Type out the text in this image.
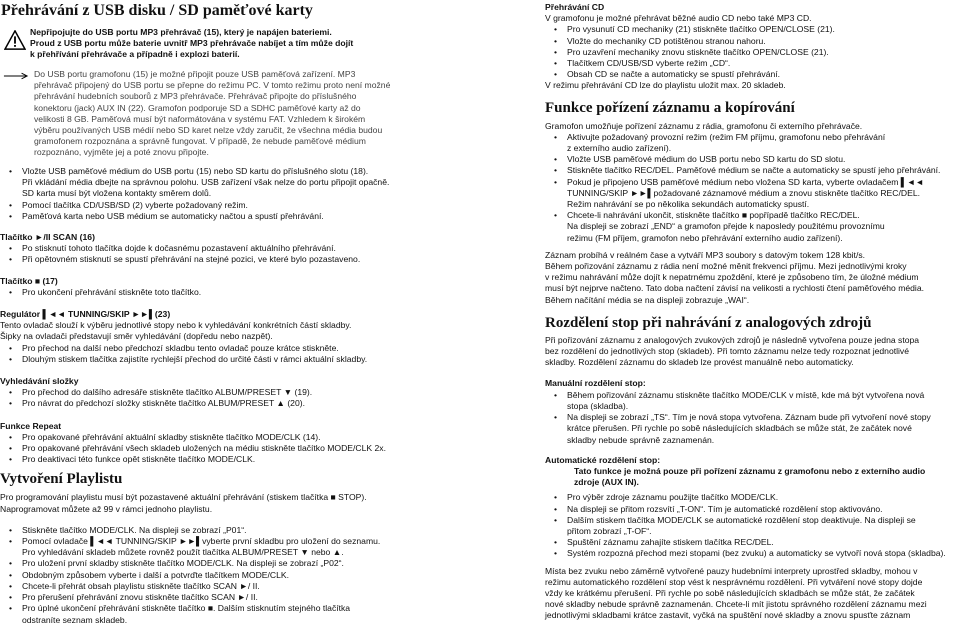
Přehrávání z USB disku / SD paměťové karty
Nepřipojujte do USB portu MP3 přehrávač (15), který je napájen bateriemi.
Proud z USB portu může baterie uvnitř MP3 přehrávače nabíjet a tím může dojít
k přehřívání přehrávače a případně i explozi baterií.
Do USB portu gramofonu (15) je možné připojit pouze USB paměťová zařízení. MP3
přehrávač připojený do USB portu se přepne do režimu PC. V tomto režimu proto není možné
přehrávání hudebních souborů z MP3 přehrávače. Přehrávač připojte do příslušného
konektoru (jack) AUX IN (22). Gramofon podporuje SD a SDHC paměťové karty až do
velikosti 8 GB. Paměťová musí být naformátována v systému FAT. Vzhledem k širokém
výběru používaných USB médií nebo SD karet nelze vždy zaručit, že všechna média budou
gramofonem rozpoznána a správně fungovat. V případě, že nebude paměťové médium
rozpoznáno, vyjměte jej a poté znovu připojte.
• Vložte USB paměťové médium do USB portu (15) nebo SD kartu do příslušného slotu (18).
Při vkládání média dbejte na správnou polohu. USB zařízení však nelze do portu připojit opačně.
SD karta musí být vložena kontakty směrem dolů.
• Pomocí tlačítka CD/USB/SD (2) vyberte požadovaný režim.
• Paměťová karta nebo USB médium se automaticky načtou a spustí přehrávání.
Tlačítko ►/II SCAN (16)
• Po stisknutí tohoto tlačítka dojde k dočasnému pozastavení aktuálního přehrávání.
• Při opětovném stisknutí se spustí přehrávání na stejné pozici, ve které bylo pozastaveno.
Tlačítko ■ (17)
• Pro ukončení přehrávání stiskněte toto tlačítko.
Regulátor ▌◄◄ TUNNING/SKIP ►►▌(23)
Tento ovladač slouží k výběru jednotlivé stopy nebo k vyhledávání konkrétních částí skladby.
Šipky na ovladači představují směr vyhledávání (dopředu nebo nazpět).
• Pro přechod na další nebo předchozí skladbu tento ovladač pouze krátce stiskněte.
• Dlouhým stiskem tlačítka zajistíte rychlejší přechod do určité části v rámci aktuální skladby.
Vyhledávání složky
• Pro přechod do dalšího adresáře stiskněte tlačítko ALBUM/PRESET ▼ (19).
• Pro návrat do předchozí složky stiskněte tlačítko ALBUM/PRESET ▲ (20).
Funkce Repeat
• Pro opakované přehrávání aktuální skladby stiskněte tlačítko MODE/CLK (14).
• Pro opakované přehrávání všech skladeb uložených na médiu stiskněte tlačítko MODE/CLK 2x.
• Pro deaktivaci této funkce opět stiskněte tlačítko MODE/CLK.
Vytvoření Playlistu
Pro programování playlistu musí být pozastavené aktuální přehrávání (stiskem tlačítka ■ STOP).
Naprogramovat můžete až 99 v rámci jednoho playlistu.
• Stiskněte tlačítko MODE/CLK. Na displeji se zobrazí „P01“.
• Pomocí ovladače ▌◄◄ TUNNING/SKIP ►►▌vyberte první skladbu pro uložení do seznamu.
Pro vyhledávání skladeb můžete rovněž použít tlačítka ALBUM/PRESET ▼ nebo ▲.
• Pro uložení první skladby stiskněte tlačítko MODE/CLK. Na displeji se zobrazí „P02“.
• Obdobným způsobem vyberte i další a potvrďte tlačítkem MODE/CLK.
• Chcete-li přehrát obsah playlistu stiskněte tlačítko SCAN ►/ II.
• Pro přerušení přehrávání znovu stiskněte tlačítko SCAN ►/ II.
• Pro úplné ukončení přehrávání stiskněte tlačítko ■. Dalším stisknutím stejného tlačítka
odstraníte seznam skladeb.
Přehrávání CD
V gramofonu je možné přehrávat běžné audio CD nebo také MP3 CD.
• Pro vysunutí CD mechaniky (21) stiskněte tlačítko OPEN/CLOSE (21).
• Vložte do mechaniky CD potištěnou stranou nahoru.
• Pro uzavření mechaniky znovu stiskněte tlačítko OPEN/CLOSE (21).
• Tlačítkem CD/USB/SD vyberte režim „CD“.
• Obsah CD se načte a automaticky se spustí přehrávání.
V režimu přehrávání CD lze do playlistu uložit max. 20 skladeb.
Funkce pořízení záznamu a kopírování
Gramofon umožňuje pořízení záznamu z rádia, gramofonu či externího přehrávače.
• Aktivujte požadovaný provozní režim (režim FM příjmu, gramofonu nebo přehrávání
z externího audio zařízení).
• Vložte USB paměťové médium do USB portu nebo SD kartu do SD slotu.
• Stiskněte tlačítko REC/DEL. Paměťové médium se načte a automaticky se spustí jeho přehrávání.
• Pokud je připojeno USB paměťové médium nebo vložena SD karta, vyberte ovladačem ▌◄◄
TUNNING/SKIP ►►▌požadované záznamové médium a znovu stiskněte tlačítko REC/DEL.
Režim nahrávání se po několika sekundách automaticky spustí.
• Chcete-li nahrávání ukončit, stiskněte tlačítko ■ popřípadě tlačítko REC/DEL.
Na displeji se zobrazí „END“ a gramofon přejde k naposledy použitému provoznímu
režimu (FM příjem, gramofon nebo přehrávání externího audio zařízení).
Záznam probíhá v reálném čase a vytváří MP3 soubory s datovým tokem 128 kbit/s.
Během pořizování záznamu z rádia není možné měnit frekvenci příjmu. Mezi jednotlivými kroky
v režimu nahrávání může dojít k nepatrnému zpoždění, které je způsobeno tím, že úložné médium
musí být nejprve načteno. Tato doba načtení závisí na velikosti a rychlosti čtení paměťového média.
Během načítání média se na displeji zobrazuje „WAI“.
Rozdělení stop při nahrávání z analogových zdrojů
Při pořizování záznamu z analogových zvukových zdrojů je následně vytvořena pouze jedna stopa
bez rozdělení do jednotlivých stop (skladeb). Při tomto záznamu nelze tedy rozpoznat jednotlivé
skladby. Rozdělení záznamu do skladeb lze provést manuálně nebo automaticky.
Manuální rozdělení stop:
• Během pořizování záznamu stiskněte tlačítko MODE/CLK v místě, kde má být vytvořena nová
stopa (skladba).
• Na displeji se zobrazí „TS“. Tím je nová stopa vytvořena. Záznam bude při vytvoření nové stopy
krátce přerušen. Při rychle po sobě následujících skladbách se může stát, že začátek nové
skladby nebude správně zaznamenán.
Automatické rozdělení stop:
Tato funkce je možná pouze při pořízení záznamu z gramofonu nebo z externího audio
zdroje (AUX IN).
• Pro výběr zdroje záznamu použijte tlačítko MODE/CLK.
• Na displeji se přitom rozsvítí „T-ON“. Tím je automatické rozdělení stop aktivováno.
• Dalším stiskem tlačítka MODE/CLK se automatické rozdělení stop deaktivuje. Na displeji se
přitom zobrazí „T-OF“.
• Spuštění záznamu zahajíte stiskem tlačítka REC/DEL.
• Systém rozpozná přechod mezi stopami (bez zvuku) a automaticky se vytvoří nová stopa (skladba).
Místa bez zvuku nebo záměrně vytvořené pauzy hudebními interprety uprostřed skladby, mohou v
režimu automatického rozdělení stop vést k nesprávnému rozdělení. Při vytváření nové stopy dojde
vždy ke krátkému přerušení. Při rychle po sobě následujících skladbách se může stát, že začátek
nové skladby nebude správně zaznamenán. Chcete-li mít jistotu správného rozdělení záznamu mezi
jednotlivými skladbami krátce zastavit, vyčká na spuštění nové skladby a znovu spusťte záznam
